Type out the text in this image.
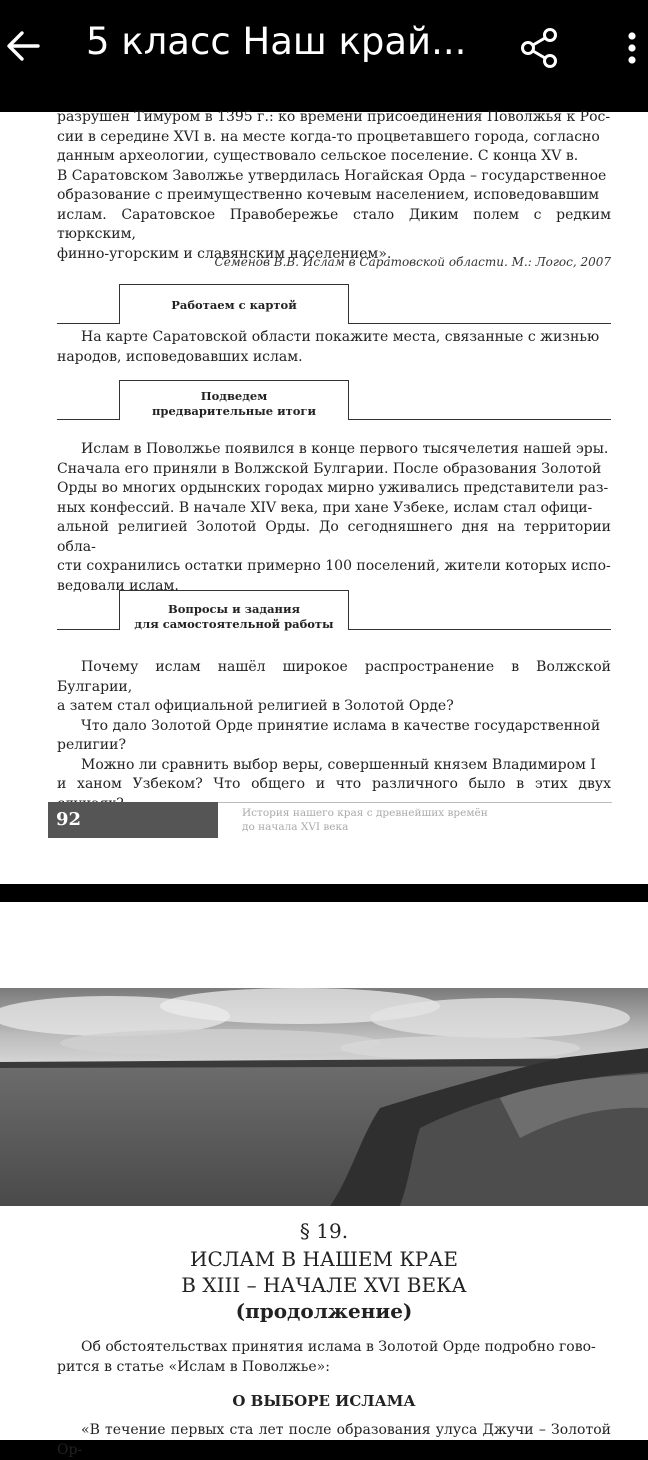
5 класс Наш край...

разрушен Тимуром в 1395 г.: ко времени присоединения Поволжья к Рос-

сии в середине XVI в. на месте когда-то процветавшего города, согласно

данным археологии, существовало сельское поселение. С конца XV в.

В Саратовском Заволжье утвердилась Ногайская Орда – государственное

образование с преимущественно кочевым населением, исповедовавшим

ислам. Саратовское Правобережье стало Диким полем с редким тюркским,

финно-угорским и славянским населением».

Семенов В.В. Ислам в Саратовской области. М.: Логос, 2007
Работаем с картой

На карте Саратовской области покажите места, связанные с жизнью

народов, исповедовавших ислам.

Подведем
предварительные итоги

Ислам в Поволжье появился в конце первого тысячелетия нашей эры.

Сначала его приняли в Волжской Булгарии. После образования Золотой

Орды во многих ордынских городах мирно уживались представители раз-

ных конфессий. В начале XIV века, при хане Узбеке, ислам стал офици-

альной религией Золотой Орды. До сегодняшнего дня на территории обла-

сти сохранились остатки примерно 100 поселений, жители которых испо-

ведовали ислам.

Вопросы и задания
для самостоятельной работы

Почему ислам нашёл широкое распространение в Волжской Булгарии,

а затем стал официальной религией в Золотой Орде?

Что дало Золотой Орде принятие ислама в качестве государственной

религии?

Можно ли сравнить выбор веры, совершенный князем Владимиром I

и ханом Узбеком? Что общего и что различного было в этих двух

92	История нашего края с древнейших времён
до начала XVI века
§ 19.
ИСЛАМ В НАШЕМ КРАЕ
В XIII – НАЧАЛЕ XVI ВЕКА
(продолжение)

Об обстоятельствах принятия ислама в Золотой Орде подробно гово-

рится в статье «Ислам в Поволжье»:

О ВЫБОРЕ ИСЛАМА

«В течение первых ста лет после образования улуса Джучи – Золотой Ор-
